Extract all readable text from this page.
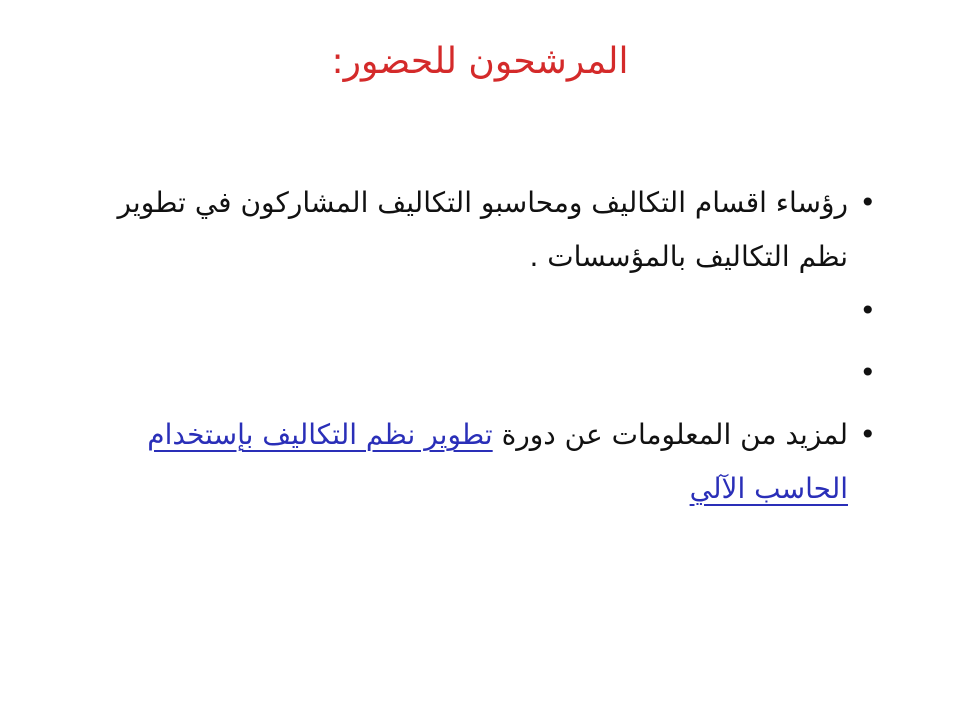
المرشحون للحضور:
•
رؤساء اقسام التكاليف ومحاسبو التكاليف المشاركون في تطوير نظم التكاليف بالمؤسسات .
•
•
•
لمزيد من المعلومات عن دورة تطوير نظم التكاليف بإستخدام الحاسب الآلي
